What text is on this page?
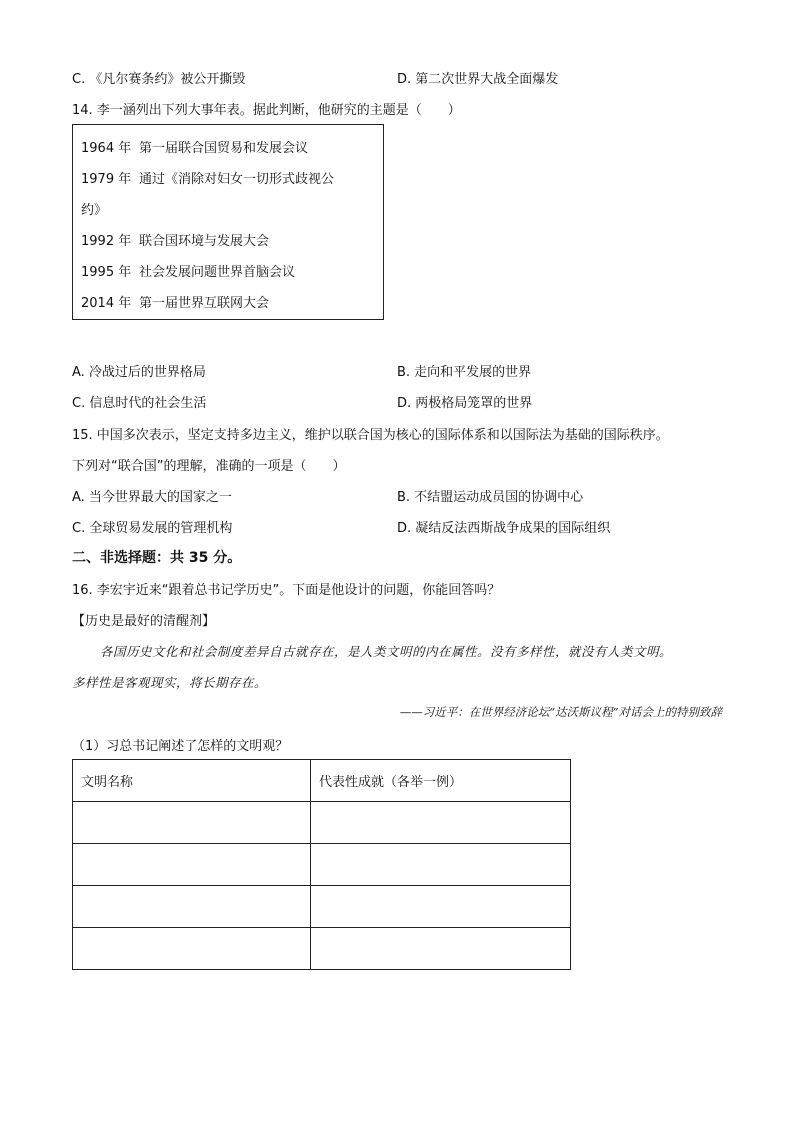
C. 《凡尔赛条约》被公开撕毁	D. 第二次世界大战全面爆发
14. 李一涵列出下列大事年表。据此判断，他研究的主题是（　　）
1964 年 第一届联合国贸易和发展会议
1979 年 通过《消除对妇女一切形式歧视公
约》
1992 年 联合国环境与发展大会
1995 年 社会发展问题世界首脑会议
2014 年 第一届世界互联网大会
A. 冷战过后的世界格局	B. 走向和平发展的世界
C. 信息时代的社会生活	D. 两极格局笼罩的世界
15. 中国多次表示，坚定支持多边主义，维护以联合国为核心的国际体系和以国际法为基础的国际秩序。
下列对“联合国”的理解，准确的一项是（　　）
A. 当今世界最大的国家之一	B. 不结盟运动成员国的协调中心
C. 全球贸易发展的管理机构	D. 凝结反法西斯战争成果的国际组织
二、非选择题：共 35 分。
16. 李宏宇近来“跟着总书记学历史”。下面是他设计的问题，你能回答吗？
【历史是最好的清醒剂】
各国历史文化和社会制度差异自古就存在，是人类文明的内在属性。没有多样性，就没有人类文明。
多样性是客观现实，将长期存在。
——习近平：在世界经济论坛“达沃斯议程”对话会上的特别致辞
（1）习总书记阐述了怎样的文明观？
文明名称	代表性成就（各举一例）
